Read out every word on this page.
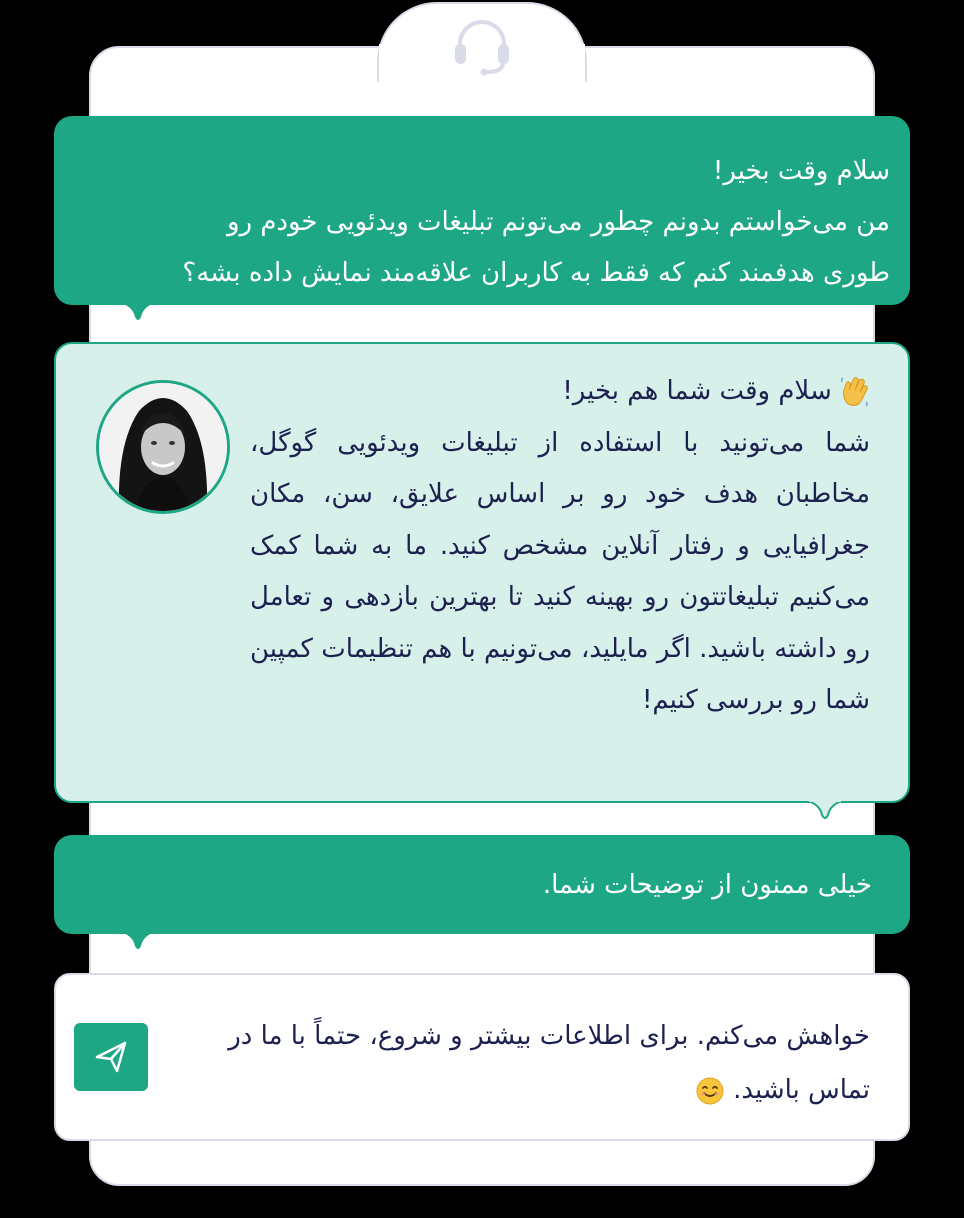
سلام وقت بخیر!
من می‌خواستم بدونم چطور می‌تونم تبلیغات ویدئویی خودم رو
طوری هدفمند کنم که فقط به کاربران علاقه‌مند نمایش داده بشه؟
سلام وقت شما هم بخیر!
شما می‌تونید با استفاده از تبلیغات ویدئویی گوگل، مخاطبان هدف خود رو بر اساس علایق، سن، مکان جغرافیایی و رفتار آنلاین مشخص کنید. ما به شما کمک می‌کنیم تبلیغاتتون رو بهینه کنید تا بهترین بازدهی و تعامل رو داشته باشید. اگر مایلید، می‌تونیم با هم تنظیمات کمپین شما رو بررسی کنیم!
خیلی ممنون از توضیحات شما.
خواهش می‌کنم. برای اطلاعات بیشتر و شروع، حتماً با ما در تماس باشید.
